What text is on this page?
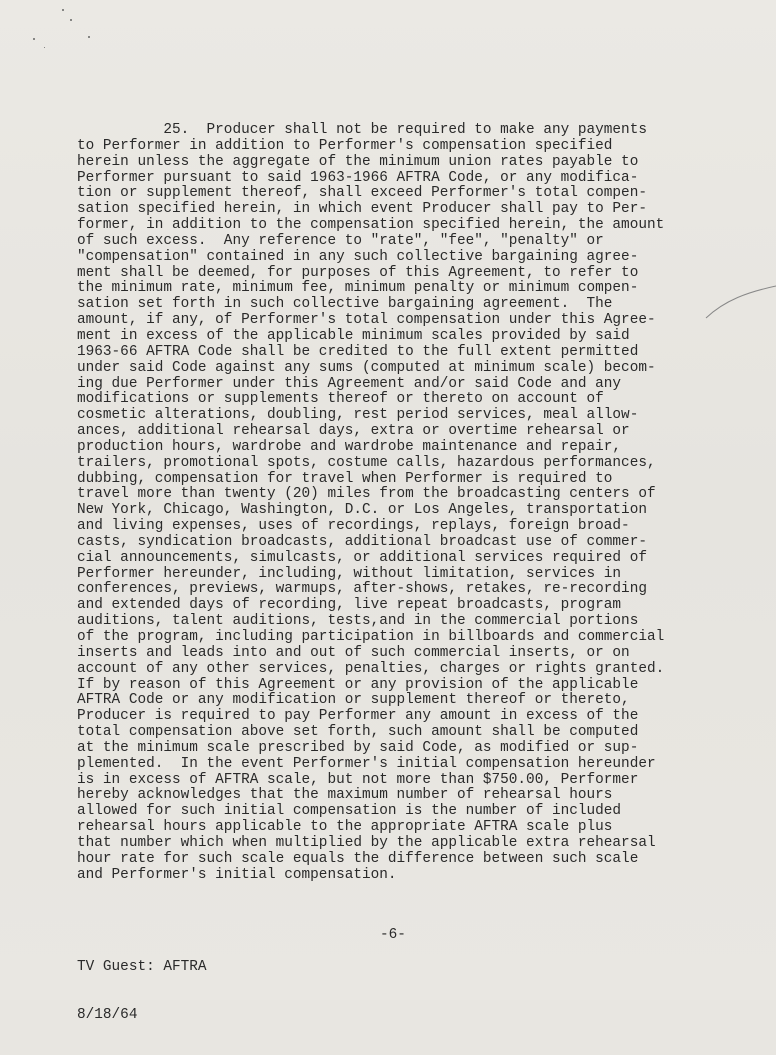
25.  Producer shall not be required to make any payments
to Performer in addition to Performer's compensation specified
herein unless the aggregate of the minimum union rates payable to
Performer pursuant to said 1963-1966 AFTRA Code, or any modifica-
tion or supplement thereof, shall exceed Performer's total compen-
sation specified herein, in which event Producer shall pay to Per-
former, in addition to the compensation specified herein, the amount
of such excess.  Any reference to "rate", "fee", "penalty" or
"compensation" contained in any such collective bargaining agree-
ment shall be deemed, for purposes of this Agreement, to refer to
the minimum rate, minimum fee, minimum penalty or minimum compen-
sation set forth in such collective bargaining agreement.  The
amount, if any, of Performer's total compensation under this Agree-
ment in excess of the applicable minimum scales provided by said
1963-66 AFTRA Code shall be credited to the full extent permitted
under said Code against any sums (computed at minimum scale) becom-
ing due Performer under this Agreement and/or said Code and any
modifications or supplements thereof or thereto on account of
cosmetic alterations, doubling, rest period services, meal allow-
ances, additional rehearsal days, extra or overtime rehearsal or
production hours, wardrobe and wardrobe maintenance and repair,
trailers, promotional spots, costume calls, hazardous performances,
dubbing, compensation for travel when Performer is required to
travel more than twenty (20) miles from the broadcasting centers of
New York, Chicago, Washington, D.C. or Los Angeles, transportation
and living expenses, uses of recordings, replays, foreign broad-
casts, syndication broadcasts, additional broadcast use of commer-
cial announcements, simulcasts, or additional services required of
Performer hereunder, including, without limitation, services in
conferences, previews, warmups, after-shows, retakes, re-recording
and extended days of recording, live repeat broadcasts, program
auditions, talent auditions, tests,and in the commercial portions
of the program, including participation in billboards and commercial
inserts and leads into and out of such commercial inserts, or on
account of any other services, penalties, charges or rights granted.
If by reason of this Agreement or any provision of the applicable
AFTRA Code or any modification or supplement thereof or thereto,
Producer is required to pay Performer any amount in excess of the
total compensation above set forth, such amount shall be computed
at the minimum scale prescribed by said Code, as modified or sup-
plemented.  In the event Performer's initial compensation hereunder
is in excess of AFTRA scale, but not more than $750.00, Performer
hereby acknowledges that the maximum number of rehearsal hours
allowed for such initial compensation is the number of included
rehearsal hours applicable to the appropriate AFTRA scale plus
that number which when multiplied by the applicable extra rehearsal
hour rate for such scale equals the difference between such scale
and Performer's initial compensation.

TV Guest: AFTRA

8/18/64

-6-
